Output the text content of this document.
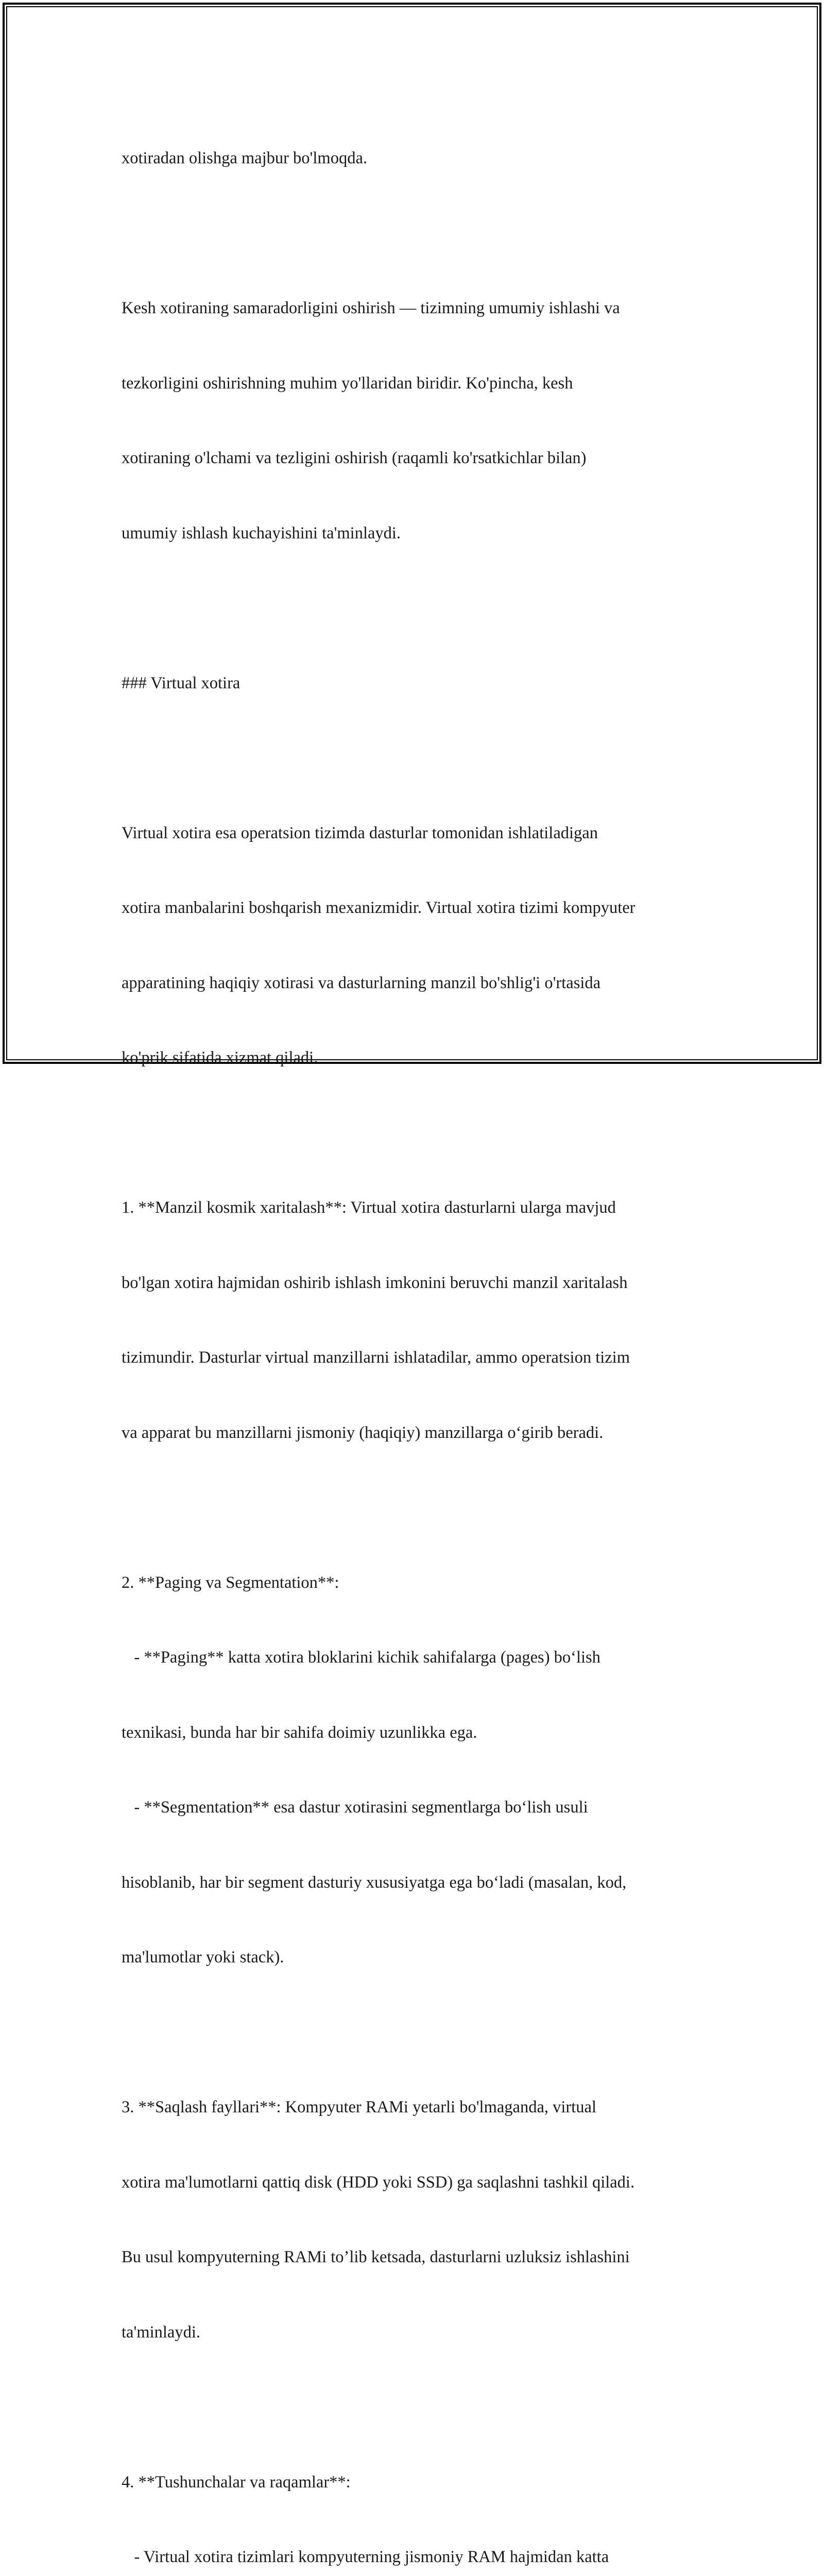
xotiradan olishga majbur bo'lmoqda.

Kesh xotiraning samaradorligini oshirish — tizimning umumiy ishlashi va

tezkorligini oshirishning muhim yo'llaridan biridir. Ko'pincha, kesh

xotiraning o'lchami va tezligini oshirish (raqamli ko'rsatkichlar bilan)

umumiy ishlash kuchayishini ta'minlaydi.

### Virtual xotira

Virtual xotira esa operatsion tizimda dasturlar tomonidan ishlatiladigan

xotira manbalarini boshqarish mexanizmidir. Virtual xotira tizimi kompyuter

apparatining haqiqiy xotirasi va dasturlarning manzil bo'shlig'i o'rtasida

ko'prik sifatida xizmat qiladi.

1. **Manzil kosmik xaritalash**: Virtual xotira dasturlarni ularga mavjud

bo'lgan xotira hajmidan oshirib ishlash imkonini beruvchi manzil xaritalash

tizimundir. Dasturlar virtual manzillarni ishlatadilar, ammo operatsion tizim

va apparat bu manzillarni jismoniy (haqiqiy) manzillarga o‘girib beradi.

2. **Paging va Segmentation**:

- **Paging** katta xotira bloklarini kichik sahifalarga (pages) bo‘lish

texnikasi, bunda har bir sahifa doimiy uzunlikka ega.

- **Segmentation** esa dastur xotirasini segmentlarga bo‘lish usuli

hisoblanib, har bir segment dasturiy xususiyatga ega bo‘ladi (masalan, kod,

ma'lumotlar yoki stack).

3. **Saqlash fayllari**: Kompyuter RAMi yetarli bo'lmaganda, virtual

xotira ma'lumotlarni qattiq disk (HDD yoki SSD) ga saqlashni tashkil qiladi.

Bu usul kompyuterning RAMi to’lib ketsada, dasturlarni uzluksiz ishlashini

ta'minlaydi.

4. **Tushunchalar va raqamlar**:

- Virtual xotira tizimlari kompyuterning jismoniy RAM hajmidan katta
